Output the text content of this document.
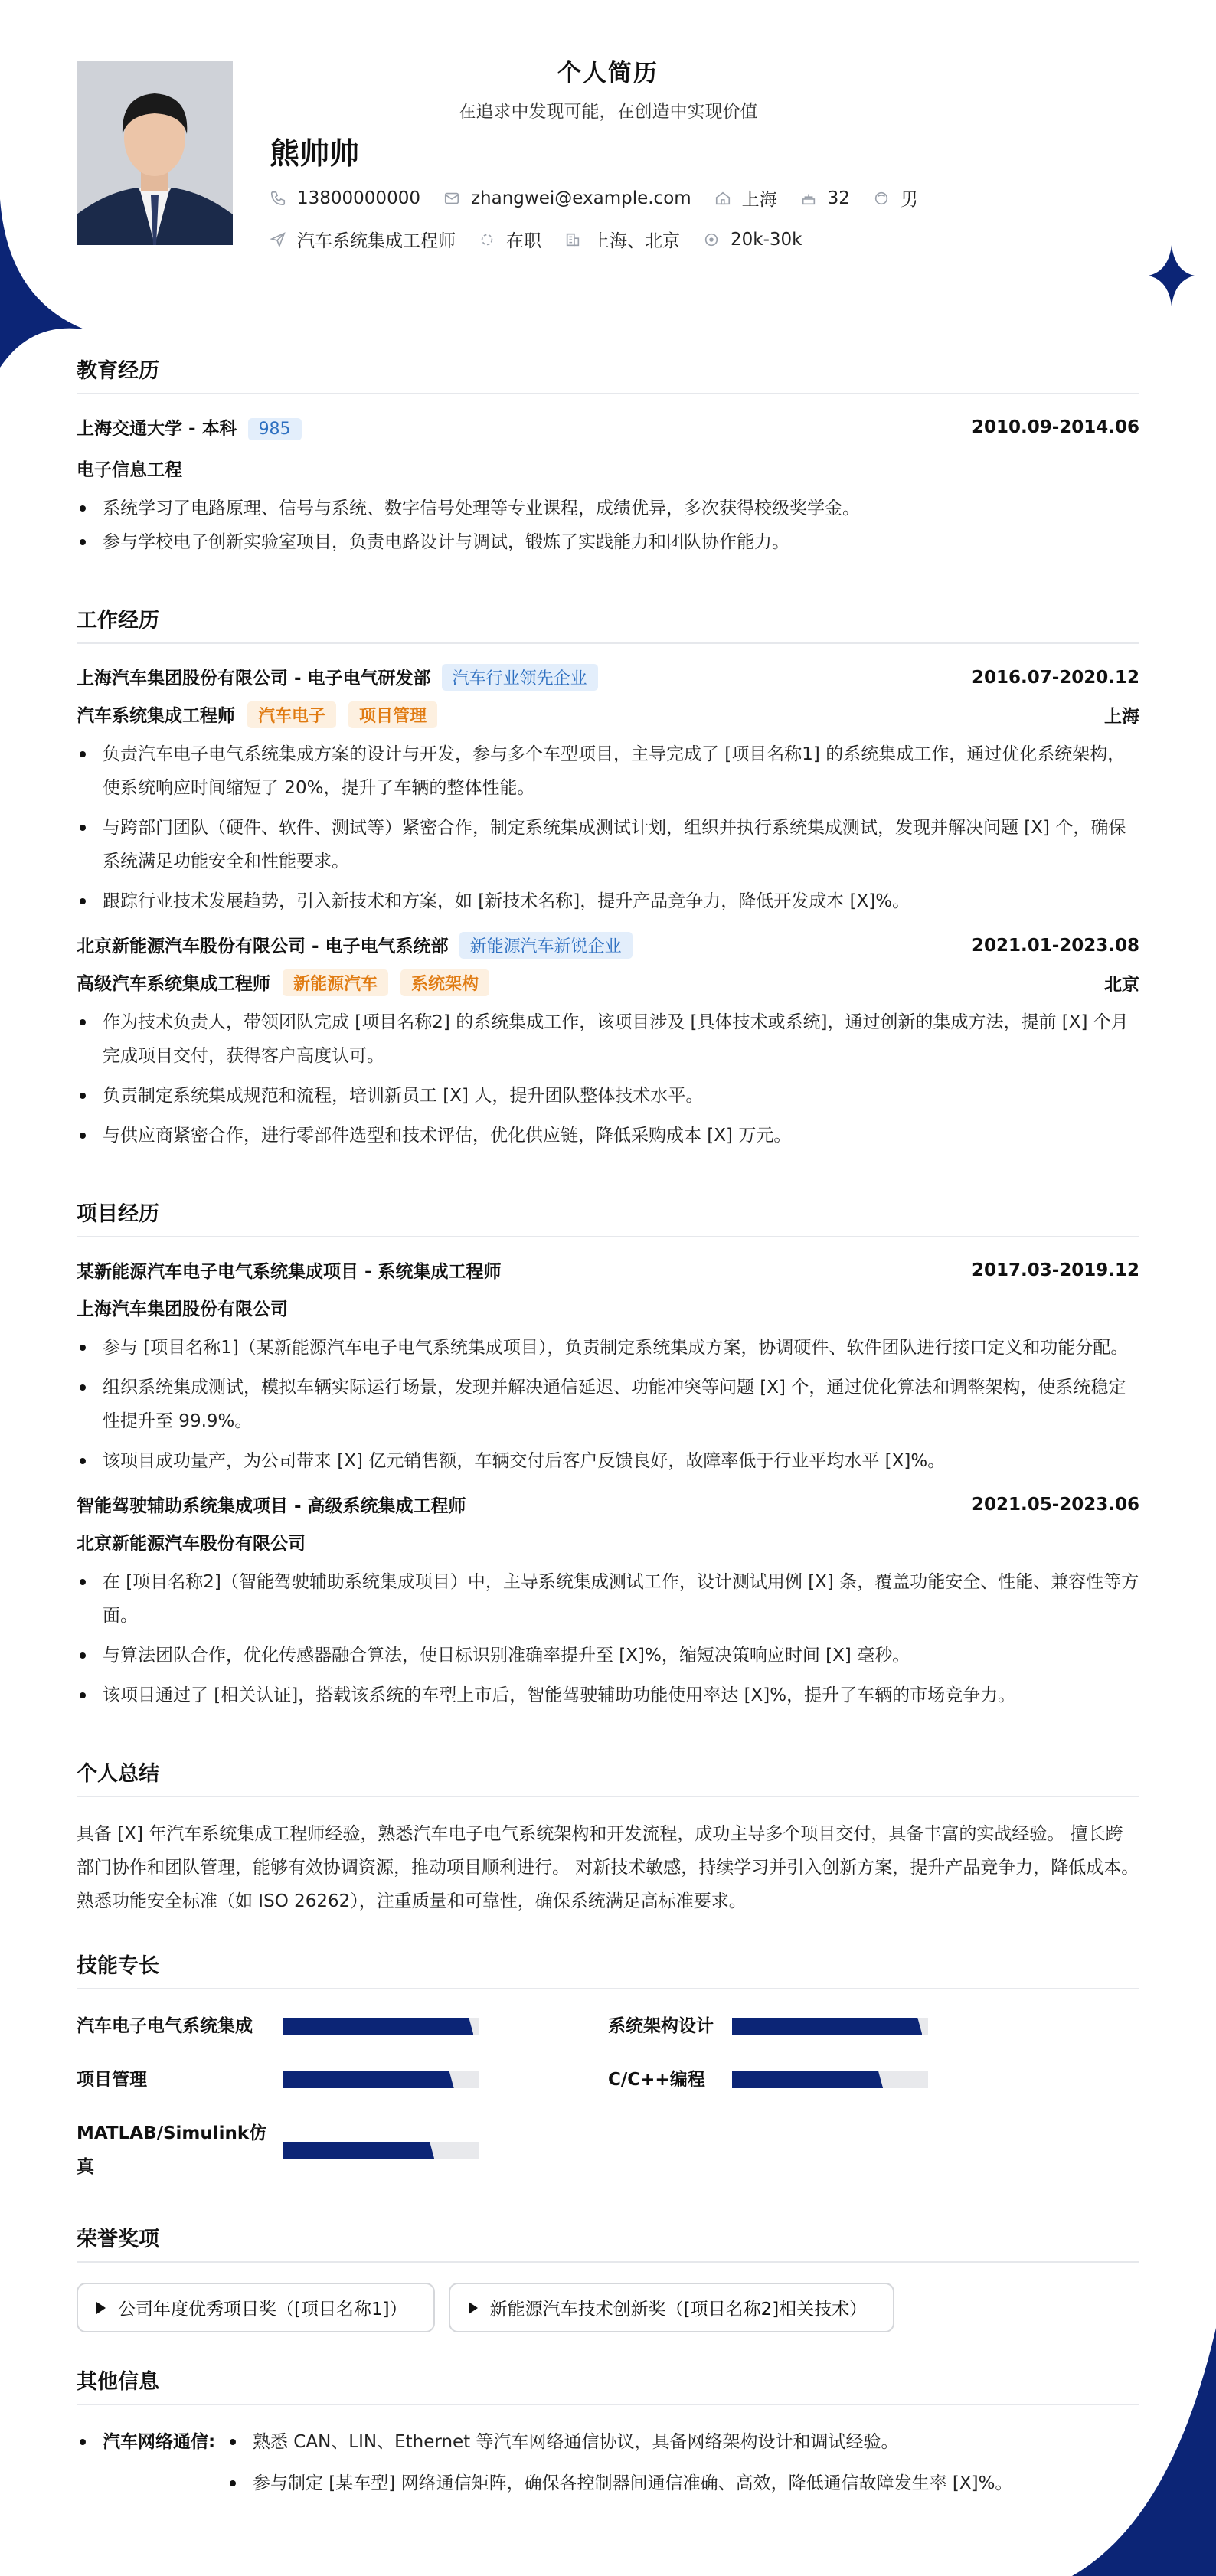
个人简历
在追求中发现可能，在创造中实现价值
熊帅帅
13800000000	zhangwei@example.com	上海	32	男
汽车系统集成工程师	在职	上海、北京	20k-30k
教育经历
上海交通大学 - 本科 985	2010.09-2014.06
电子信息工程
系统学习了电路原理、信号与系统、数字信号处理等专业课程，成绩优异，多次获得校级奖学金。
参与学校电子创新实验室项目，负责电路设计与调试，锻炼了实践能力和团队协作能力。
工作经历
上海汽车集团股份有限公司 - 电子电气研发部 汽车行业领先企业	2016.07-2020.12
汽车系统集成工程师 汽车电子 项目管理	上海
负责汽车电子电气系统集成方案的设计与开发，参与多个车型项目，主导完成了 [项目名称1] 的系统集成工作，通过优化系统架构，使系统响应时间缩短了 20%，提升了车辆的整体性能。
与跨部门团队（硬件、软件、测试等）紧密合作，制定系统集成测试计划，组织并执行系统集成测试，发现并解决问题 [X] 个，确保系统满足功能安全和性能要求。
跟踪行业技术发展趋势，引入新技术和方案，如 [新技术名称]，提升产品竞争力，降低开发成本 [X]%。
北京新能源汽车股份有限公司 - 电子电气系统部 新能源汽车新锐企业	2021.01-2023.08
高级汽车系统集成工程师 新能源汽车 系统架构	北京
作为技术负责人，带领团队完成 [项目名称2] 的系统集成工作，该项目涉及 [具体技术或系统]，通过创新的集成方法，提前 [X] 个月完成项目交付，获得客户高度认可。
负责制定系统集成规范和流程，培训新员工 [X] 人，提升团队整体技术水平。
与供应商紧密合作，进行零部件选型和技术评估，优化供应链，降低采购成本 [X] 万元。
项目经历
某新能源汽车电子电气系统集成项目 - 系统集成工程师	2017.03-2019.12
上海汽车集团股份有限公司
参与 [项目名称1]（某新能源汽车电子电气系统集成项目），负责制定系统集成方案，协调硬件、软件团队进行接口定义和功能分配。
组织系统集成测试，模拟车辆实际运行场景，发现并解决通信延迟、功能冲突等问题 [X] 个，通过优化算法和调整架构，使系统稳定性提升至 99.9%。
该项目成功量产，为公司带来 [X] 亿元销售额，车辆交付后客户反馈良好，故障率低于行业平均水平 [X]%。
智能驾驶辅助系统集成项目 - 高级系统集成工程师	2021.05-2023.06
北京新能源汽车股份有限公司
在 [项目名称2]（智能驾驶辅助系统集成项目）中，主导系统集成测试工作，设计测试用例 [X] 条，覆盖功能安全、性能、兼容性等方面。
与算法团队合作，优化传感器融合算法，使目标识别准确率提升至 [X]%，缩短决策响应时间 [X] 毫秒。
该项目通过了 [相关认证]，搭载该系统的车型上市后，智能驾驶辅助功能使用率达 [X]%，提升了车辆的市场竞争力。
个人总结
具备 [X] 年汽车系统集成工程师经验，熟悉汽车电子电气系统架构和开发流程，成功主导多个项目交付，具备丰富的实战经验。 擅长跨部门协作和团队管理，能够有效协调资源，推动项目顺利进行。 对新技术敏感，持续学习并引入创新方案，提升产品竞争力，降低成本。 熟悉功能安全标准（如 ISO 26262），注重质量和可靠性，确保系统满足高标准要求。
技能专长
汽车电子电气系统集成	系统架构设计
项目管理	C/C++编程
MATLAB/Simulink仿真
荣誉奖项
公司年度优秀项目奖（[项目名称1]）	新能源汽车技术创新奖（[项目名称2]相关技术）
其他信息
汽车网络通信:	熟悉 CAN、LIN、Ethernet 等汽车网络通信协议，具备网络架构设计和调试经验。
参与制定 [某车型] 网络通信矩阵，确保各控制器间通信准确、高效，降低通信故障发生率 [X]%。
